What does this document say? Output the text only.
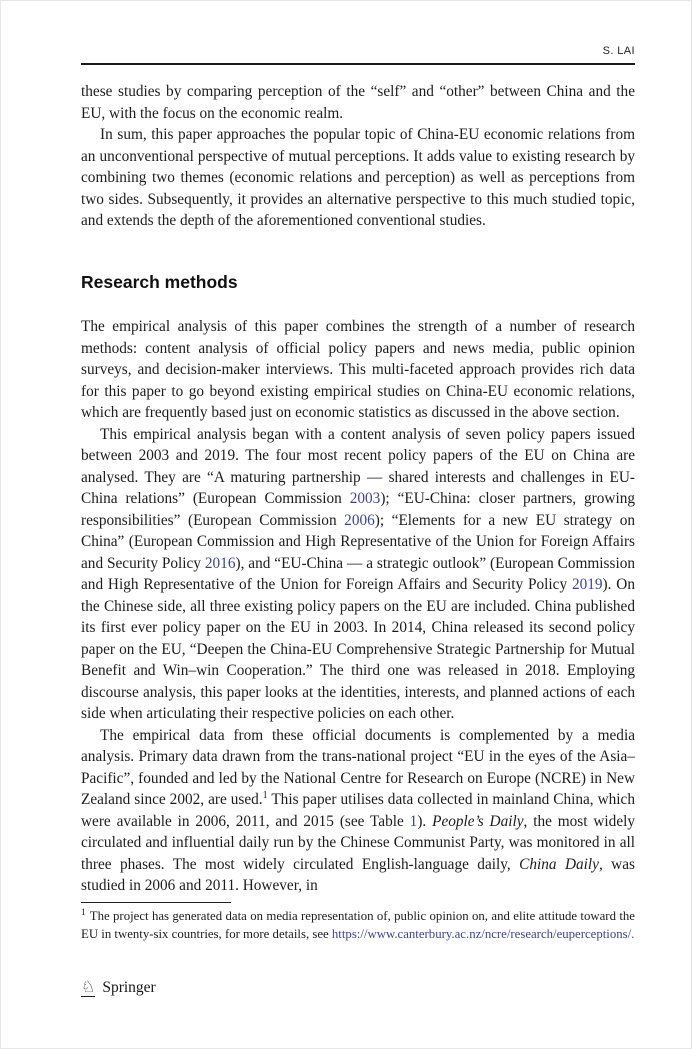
S. LAI

these studies by comparing perception of the “self” and “other” between China and the EU, with the focus on the economic realm.

In sum, this paper approaches the popular topic of China-EU economic relations from an unconventional perspective of mutual perceptions. It adds value to existing research by combining two themes (economic relations and perception) as well as perceptions from two sides. Subsequently, it provides an alternative perspective to this much studied topic, and extends the depth of the aforementioned conventional studies.

Research methods

The empirical analysis of this paper combines the strength of a number of research methods: content analysis of official policy papers and news media, public opinion surveys, and decision-maker interviews. This multi-faceted approach provides rich data for this paper to go beyond existing empirical studies on China-EU economic relations, which are frequently based just on economic statistics as discussed in the above section.

This empirical analysis began with a content analysis of seven policy papers issued between 2003 and 2019. The four most recent policy papers of the EU on China are analysed. They are “A maturing partnership — shared interests and challenges in EU-China relations” (European Commission 2003); “EU-China: closer partners, growing responsibilities” (European Commission 2006); “Elements for a new EU strategy on China” (European Commission and High Representative of the Union for Foreign Affairs and Security Policy 2016), and “EU-China — a strategic outlook” (European Commission and High Representative of the Union for Foreign Affairs and Security Policy 2019). On the Chinese side, all three existing policy papers on the EU are included. China published its first ever policy paper on the EU in 2003. In 2014, China released its second policy paper on the EU, “Deepen the China-EU Comprehensive Strategic Partnership for Mutual Benefit and Win–win Cooperation.” The third one was released in 2018. Employing discourse analysis, this paper looks at the identities, interests, and planned actions of each side when articulating their respective policies on each other.

The empirical data from these official documents is complemented by a media analysis. Primary data drawn from the trans-national project “EU in the eyes of the Asia–Pacific”, founded and led by the National Centre for Research on Europe (NCRE) in New Zealand since 2002, are used.$^1$ This paper utilises data collected in mainland China, which were available in 2006, 2011, and 2015 (see Table 1). People’s Daily, the most widely circulated and influential daily run by the Chinese Communist Party, was monitored in all three phases. The most widely circulated English-language daily, China Daily, was studied in 2006 and 2011. However, in

$^1$ The project has generated data on media representation of, public opinion on, and elite attitude toward the EU in twenty-six countries, for more details, see https://www.canterbury.ac.nz/ncre/research/euperceptions/.
♘ Springer
